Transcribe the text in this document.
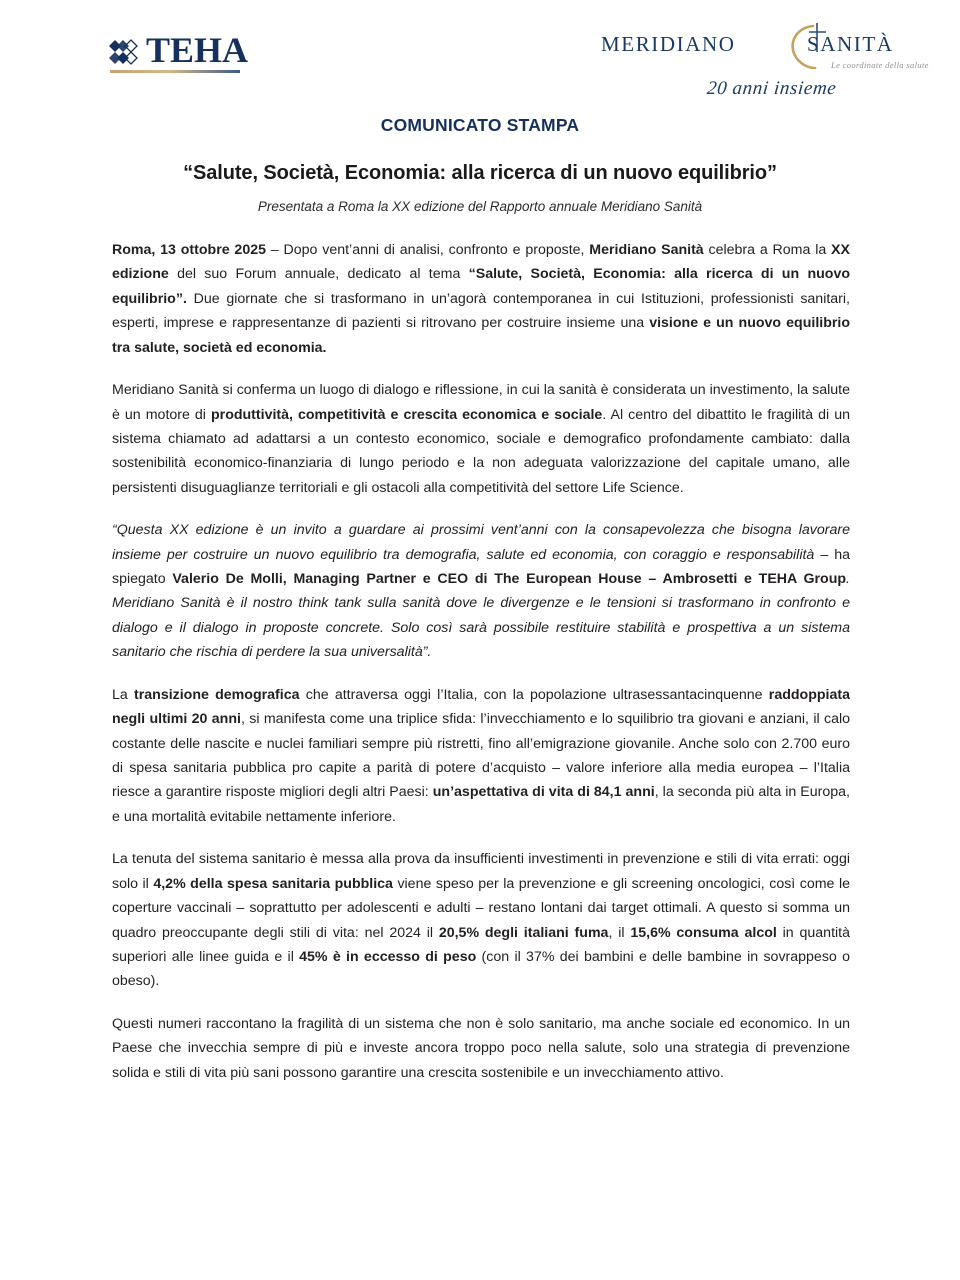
TEHA	MERIDIANO	SANITÀ
Le coordinate della salute
20 anni insieme
COMUNICATO STAMPA
“Salute, Società, Economia: alla ricerca di un nuovo equilibrio”
Presentata a Roma la XX edizione del Rapporto annuale Meridiano Sanità

Roma, 13 ottobre 2025 – Dopo vent’anni di analisi, confronto e proposte, Meridiano Sanità celebra a Roma la XX edizione del suo Forum annuale, dedicato al tema “Salute, Società, Economia: alla ricerca di un nuovo equilibrio”. Due giornate che si trasformano in un’agorà contemporanea in cui Istituzioni, professionisti sanitari, esperti, imprese e rappresentanze di pazienti si ritrovano per costruire insieme una visione e un nuovo equilibrio tra salute, società ed economia.

Meridiano Sanità si conferma un luogo di dialogo e riflessione, in cui la sanità è considerata un investimento, la salute è un motore di produttività, competitività e crescita economica e sociale. Al centro del dibattito le fragilità di un sistema chiamato ad adattarsi a un contesto economico, sociale e demografico profondamente cambiato: dalla sostenibilità economico-finanziaria di lungo periodo e la non adeguata valorizzazione del capitale umano, alle persistenti disuguaglianze territoriali e gli ostacoli alla competitività del settore Life Science.

“Questa XX edizione è un invito a guardare ai prossimi vent’anni con la consapevolezza che bisogna lavorare insieme per costruire un nuovo equilibrio tra demografia, salute ed economia, con coraggio e responsabilità – ha spiegato Valerio De Molli, Managing Partner e CEO di The European House – Ambrosetti e TEHA Group. Meridiano Sanità è il nostro think tank sulla sanità dove le divergenze e le tensioni si trasformano in confronto e dialogo e il dialogo in proposte concrete. Solo così sarà possibile restituire stabilità e prospettiva a un sistema sanitario che rischia di perdere la sua universalità”.

La transizione demografica che attraversa oggi l’Italia, con la popolazione ultrasessantacinquenne raddoppiata negli ultimi 20 anni, si manifesta come una triplice sfida: l’invecchiamento e lo squilibrio tra giovani e anziani, il calo costante delle nascite e nuclei familiari sempre più ristretti, fino all’emigrazione giovanile. Anche solo con 2.700 euro di spesa sanitaria pubblica pro capite a parità di potere d’acquisto – valore inferiore alla media europea – l’Italia riesce a garantire risposte migliori degli altri Paesi: un’aspettativa di vita di 84,1 anni, la seconda più alta in Europa, e una mortalità evitabile nettamente inferiore.

La tenuta del sistema sanitario è messa alla prova da insufficienti investimenti in prevenzione e stili di vita errati: oggi solo il 4,2% della spesa sanitaria pubblica viene speso per la prevenzione e gli screening oncologici, così come le coperture vaccinali – soprattutto per adolescenti e adulti – restano lontani dai target ottimali. A questo si somma un quadro preoccupante degli stili di vita: nel 2024 il 20,5% degli italiani fuma, il 15,6% consuma alcol in quantità superiori alle linee guida e il 45% è in eccesso di peso (con il 37% dei bambini e delle bambine in sovrappeso o obeso).

Questi numeri raccontano la fragilità di un sistema che non è solo sanitario, ma anche sociale ed economico. In un Paese che invecchia sempre di più e investe ancora troppo poco nella salute, solo una strategia di prevenzione solida e stili di vita più sani possono garantire una crescita sostenibile e un invecchiamento attivo.
